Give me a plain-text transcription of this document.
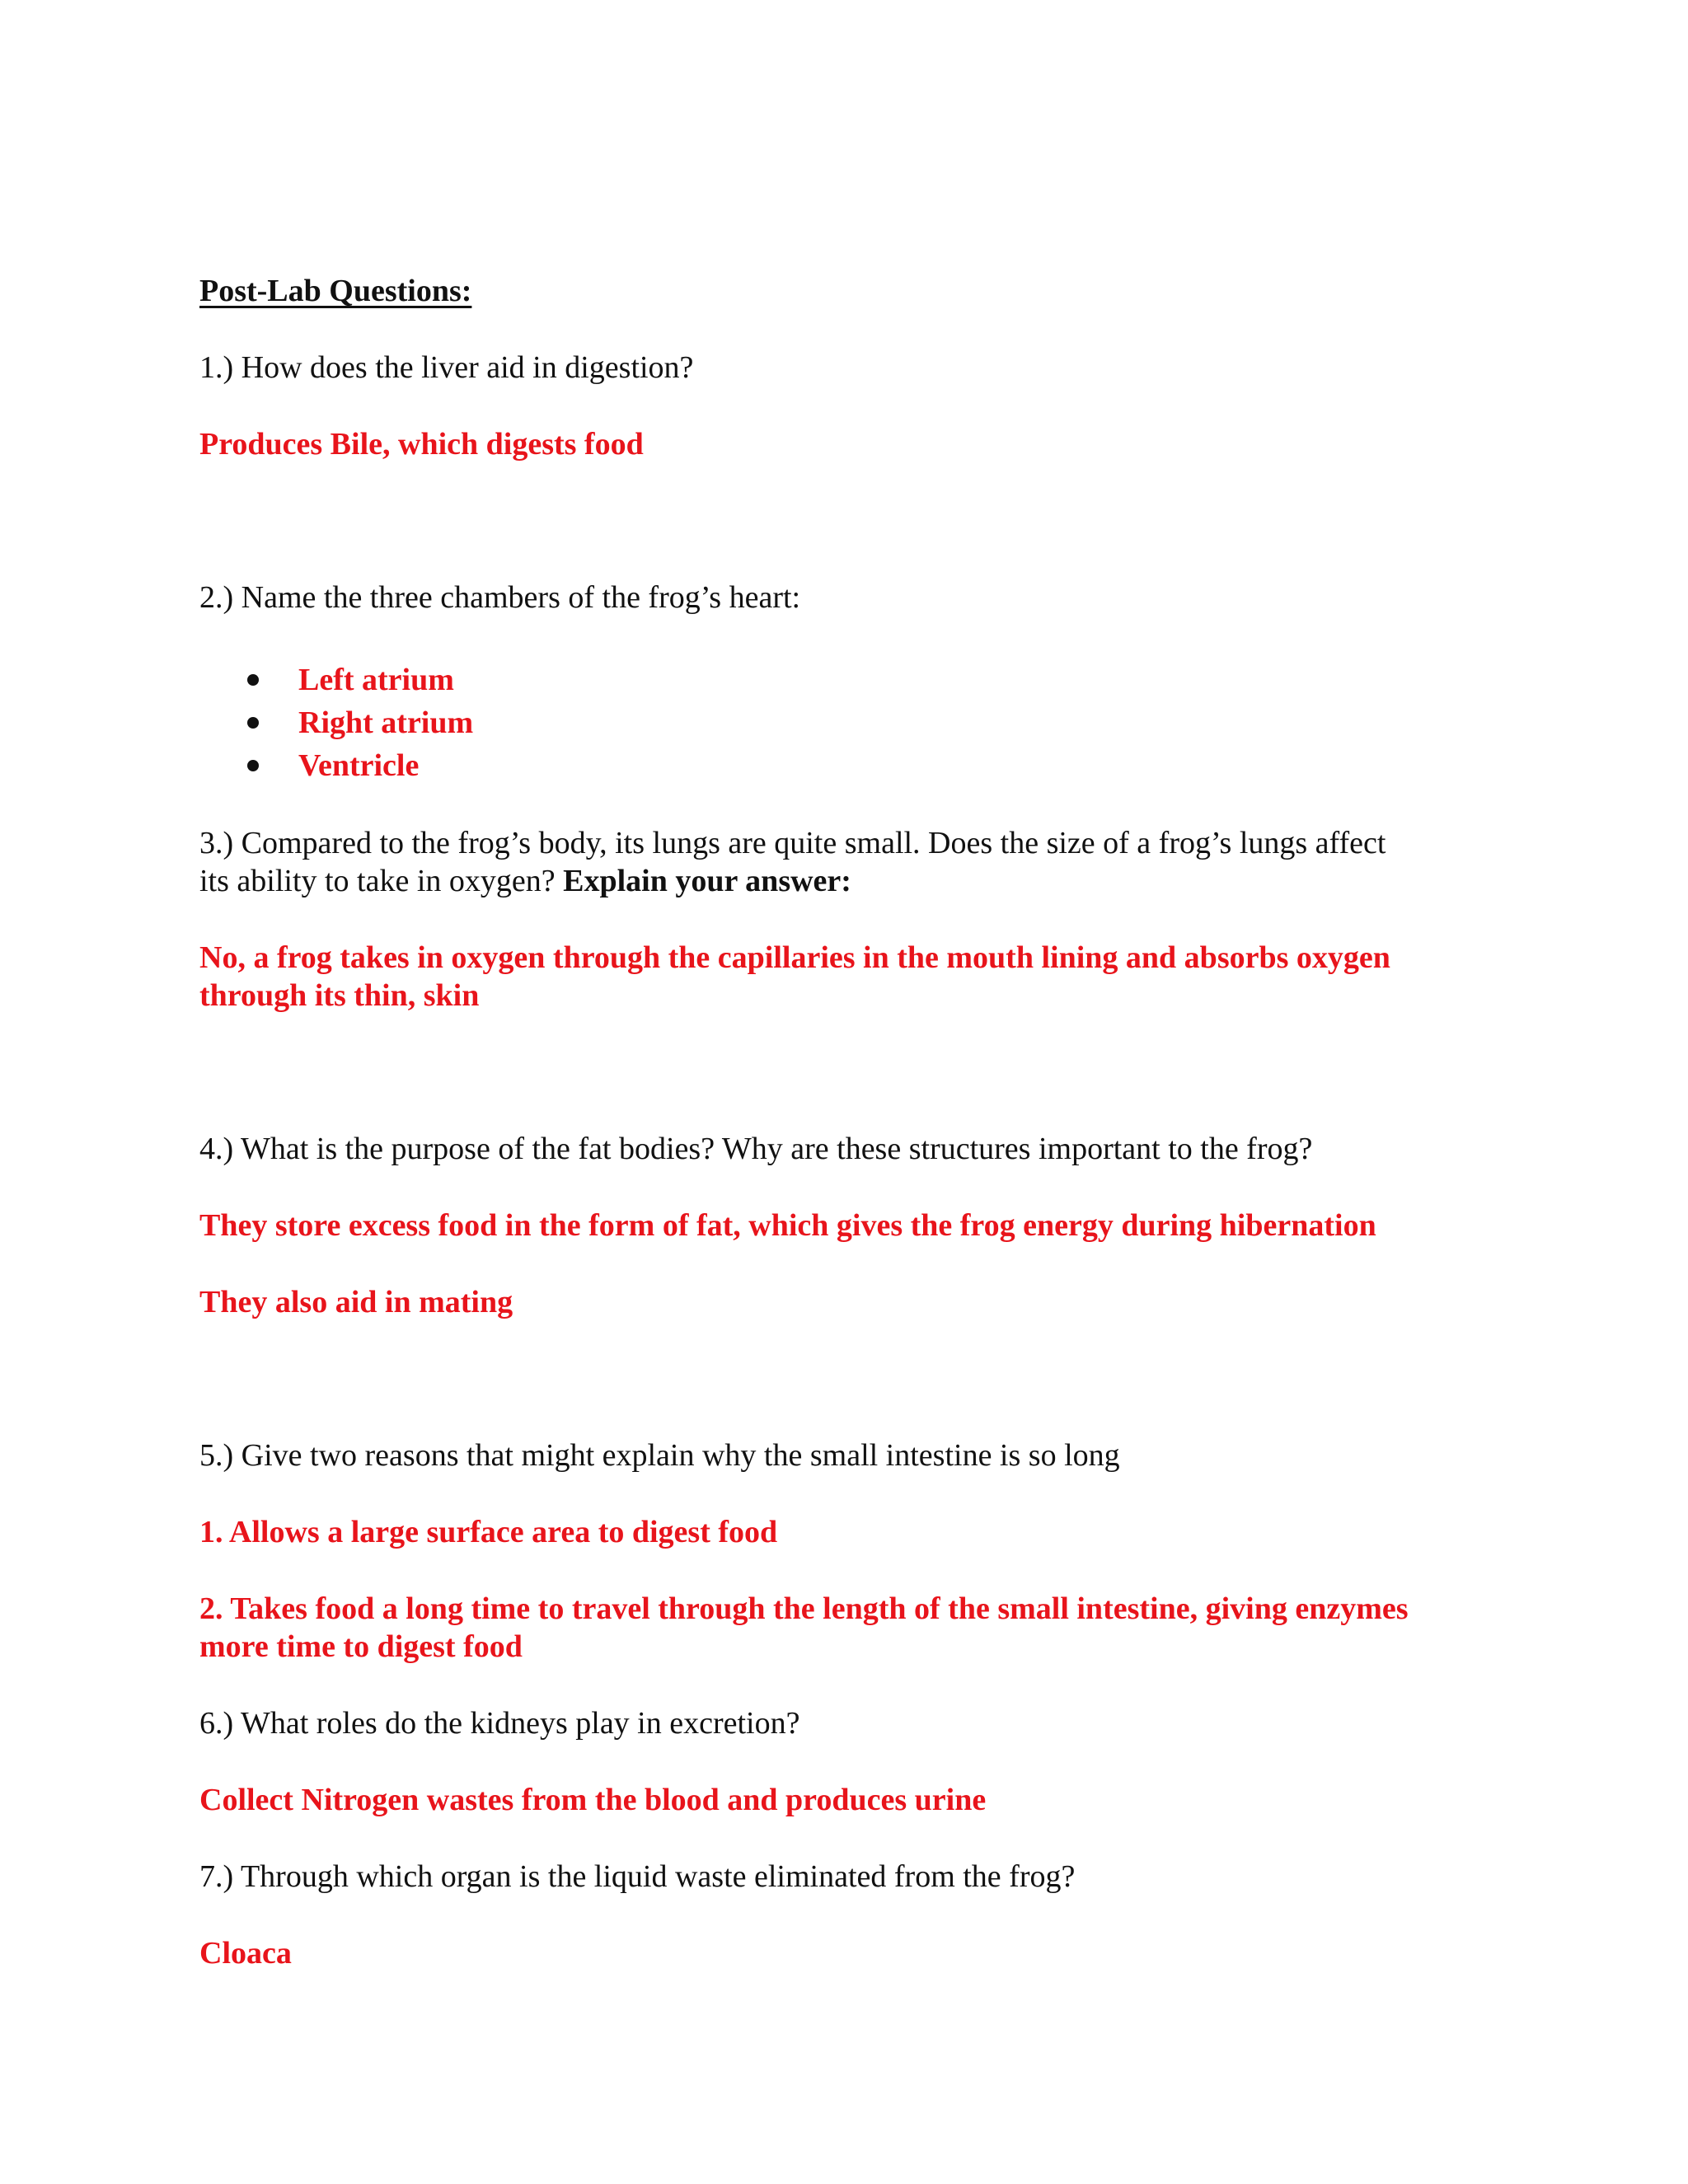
Post-Lab Questions:

1.) How does the liver aid in digestion?

Produces Bile, which digests food

2.) Name the three chambers of the frog’s heart:

Left atrium
Right atrium
Ventricle

3.) Compared to the frog’s body, its lungs are quite small. Does the size of a frog’s lungs affect

its ability to take in oxygen? Explain your answer:

No, a frog takes in oxygen through the capillaries in the mouth lining and absorbs oxygen

through its thin, skin

4.) What is the purpose of the fat bodies? Why are these structures important to the frog?

They store excess food in the form of fat, which gives the frog energy during hibernation

They also aid in mating

5.) Give two reasons that might explain why the small intestine is so long

1. Allows a large surface area to digest food

2. Takes food a long time to travel through the length of the small intestine, giving enzymes

more time to digest food

6.) What roles do the kidneys play in excretion?

Collect Nitrogen wastes from the blood and produces urine

7.) Through which organ is the liquid waste eliminated from the frog?

Cloaca
